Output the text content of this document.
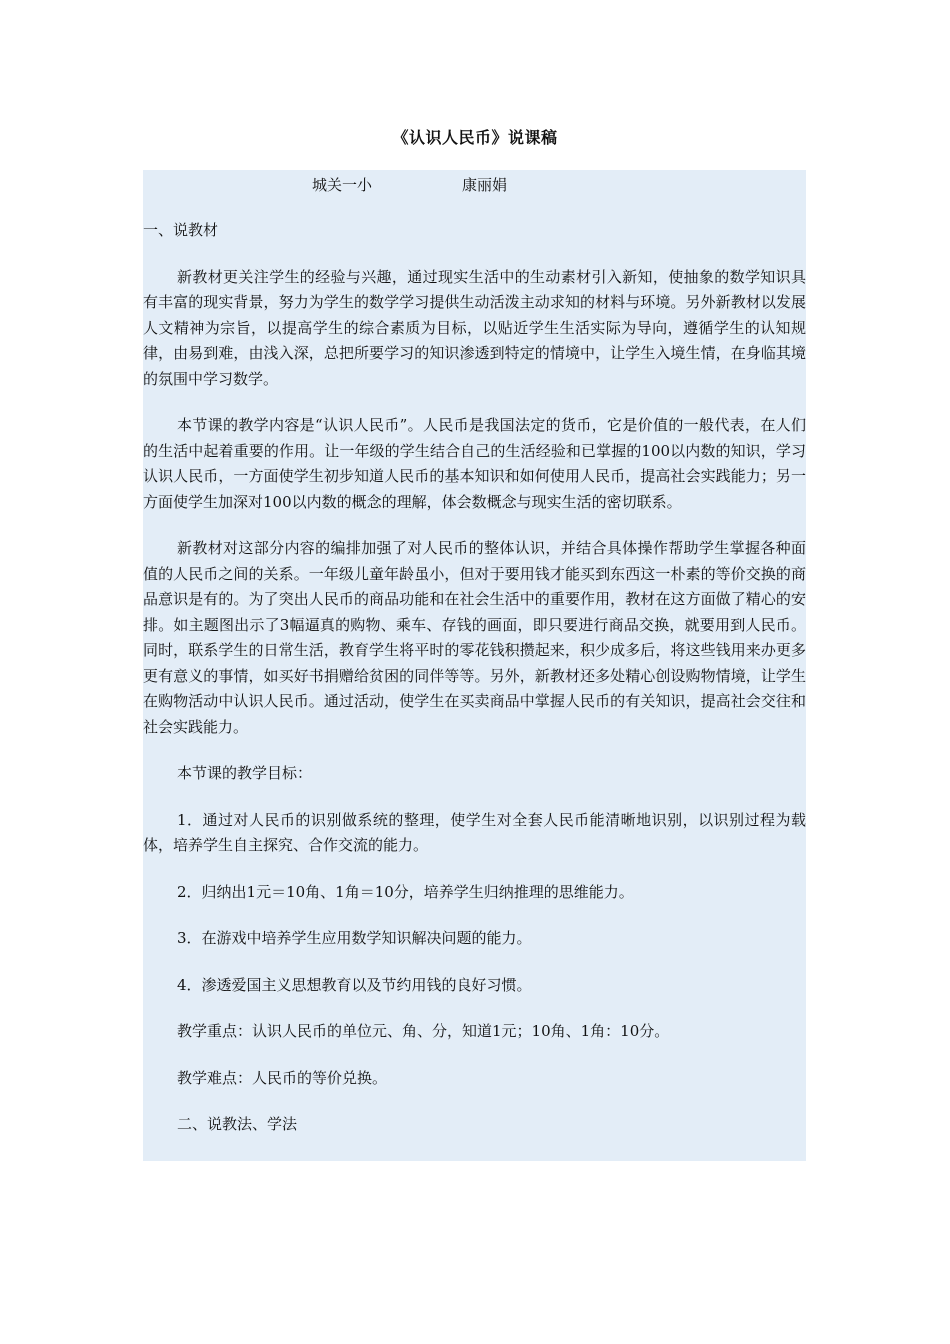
《认识人民币》说课稿
城关一小	康丽娟

一、说教材

新教材更关注学生的经验与兴趣，通过现实生活中的生动素材引入新知，使抽象的数学知识具有丰富的现实背景，努力为学生的数学学习提供生动活泼主动求知的材料与环境。另外新教材以发展人文精神为宗旨，以提高学生的综合素质为目标，以贴近学生生活实际为导向，遵循学生的认知规律，由易到难，由浅入深，总把所要学习的知识渗透到特定的情境中，让学生入境生情，在身临其境的氛围中学习数学。

本节课的教学内容是“认识人民币”。人民币是我国法定的货币，它是价值的一般代表，在人们的生活中起着重要的作用。让一年级的学生结合自己的生活经验和已掌握的100以内数的知识，学习认识人民币，一方面使学生初步知道人民币的基本知识和如何使用人民币，提高社会实践能力；另一方面使学生加深对100以内数的概念的理解，体会数概念与现实生活的密切联系。

新教材对这部分内容的编排加强了对人民币的整体认识，并结合具体操作帮助学生掌握各种面值的人民币之间的关系。一年级儿童年龄虽小，但对于要用钱才能买到东西这一朴素的等价交换的商品意识是有的。为了突出人民币的商品功能和在社会生活中的重要作用，教材在这方面做了精心的安排。如主题图出示了3幅逼真的购物、乘车、存钱的画面，即只要进行商品交换，就要用到人民币。同时，联系学生的日常生活，教育学生将平时的零花钱积攒起来，积少成多后，将这些钱用来办更多更有意义的事情，如买好书捐赠给贫困的同伴等等。另外，新教材还多处精心创设购物情境，让学生在购物活动中认识人民币。通过活动，使学生在买卖商品中掌握人民币的有关知识，提高社会交往和社会实践能力。

本节课的教学目标：

1．通过对人民币的识别做系统的整理，使学生对全套人民币能清晰地识别，以识别过程为载体，培养学生自主探究、合作交流的能力。

2．归纳出1元＝10角、1角＝10分，培养学生归纳推理的思维能力。

3．在游戏中培养学生应用数学知识解决问题的能力。

4．渗透爱国主义思想教育以及节约用钱的良好习惯。

教学重点：认识人民币的单位元、角、分，知道1元；10角、1角：10分。

教学难点：人民币的等价兑换。

二、说教法、学法
